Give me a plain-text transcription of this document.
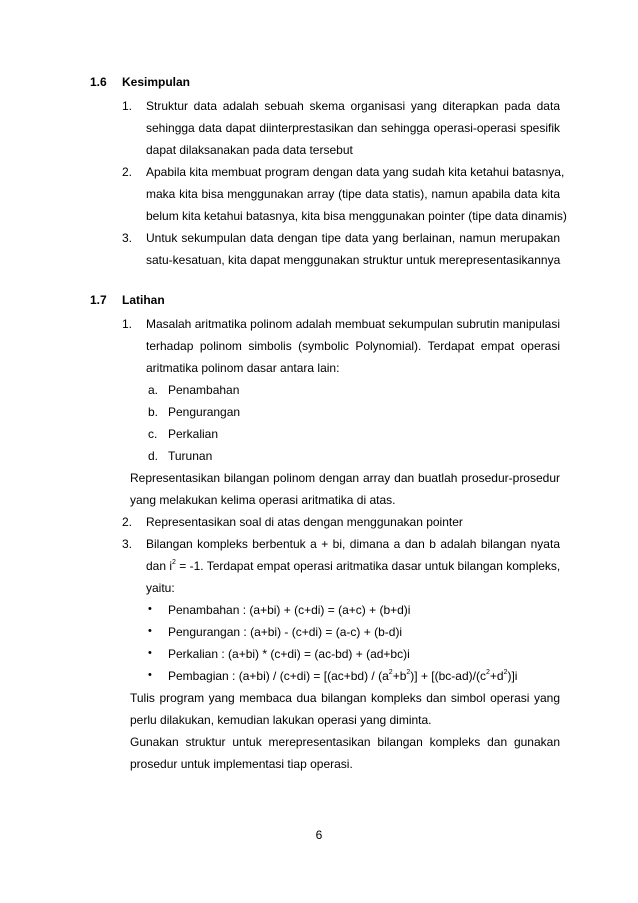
1.6 Kesimpulan
1. Struktur data adalah sebuah skema organisasi yang diterapkan pada data
sehingga data dapat diinterprestasikan dan sehingga operasi-operasi spesifik
dapat dilaksanakan pada data tersebut
2. Apabila kita membuat program dengan data yang sudah kita ketahui batasnya,
maka kita bisa menggunakan array (tipe data statis), namun apabila data kita
belum kita ketahui batasnya, kita bisa menggunakan pointer (tipe data dinamis)
3. Untuk sekumpulan data dengan tipe data yang berlainan, namun merupakan
satu-kesatuan, kita dapat menggunakan struktur untuk merepresentasikannya
1.7 Latihan
1. Masalah aritmatika polinom adalah membuat sekumpulan subrutin manipulasi
terhadap polinom simbolis (symbolic Polynomial). Terdapat empat operasi
aritmatika polinom dasar antara lain:
a. Penambahan
b. Pengurangan
c. Perkalian
d. Turunan
Representasikan bilangan polinom dengan array dan buatlah prosedur-prosedur
yang melakukan kelima operasi aritmatika di atas.
2. Representasikan soal di atas dengan menggunakan pointer
3. Bilangan kompleks berbentuk a + bi, dimana a dan b adalah bilangan nyata
dan $i^2 = -1$. Terdapat empat operasi aritmatika dasar untuk bilangan kompleks,
yaitu:
• Penambahan : (a+bi) + (c+di) = (a+c) + (b+d)i
• Pengurangan : (a+bi) - (c+di) = (a-c) + (b-d)i
• Perkalian : (a+bi) * (c+di) = (ac-bd) + (ad+bc)i
• Pembagian : $(a+bi) / (c+di) = [(ac+bd) / (a^2+b^2)] + [(bc-ad)/(c^2+d^2)]i$
Tulis program yang membaca dua bilangan kompleks dan simbol operasi yang
perlu dilakukan, kemudian lakukan operasi yang diminta.
Gunakan struktur untuk merepresentasikan bilangan kompleks dan gunakan
prosedur untuk implementasi tiap operasi.
6
